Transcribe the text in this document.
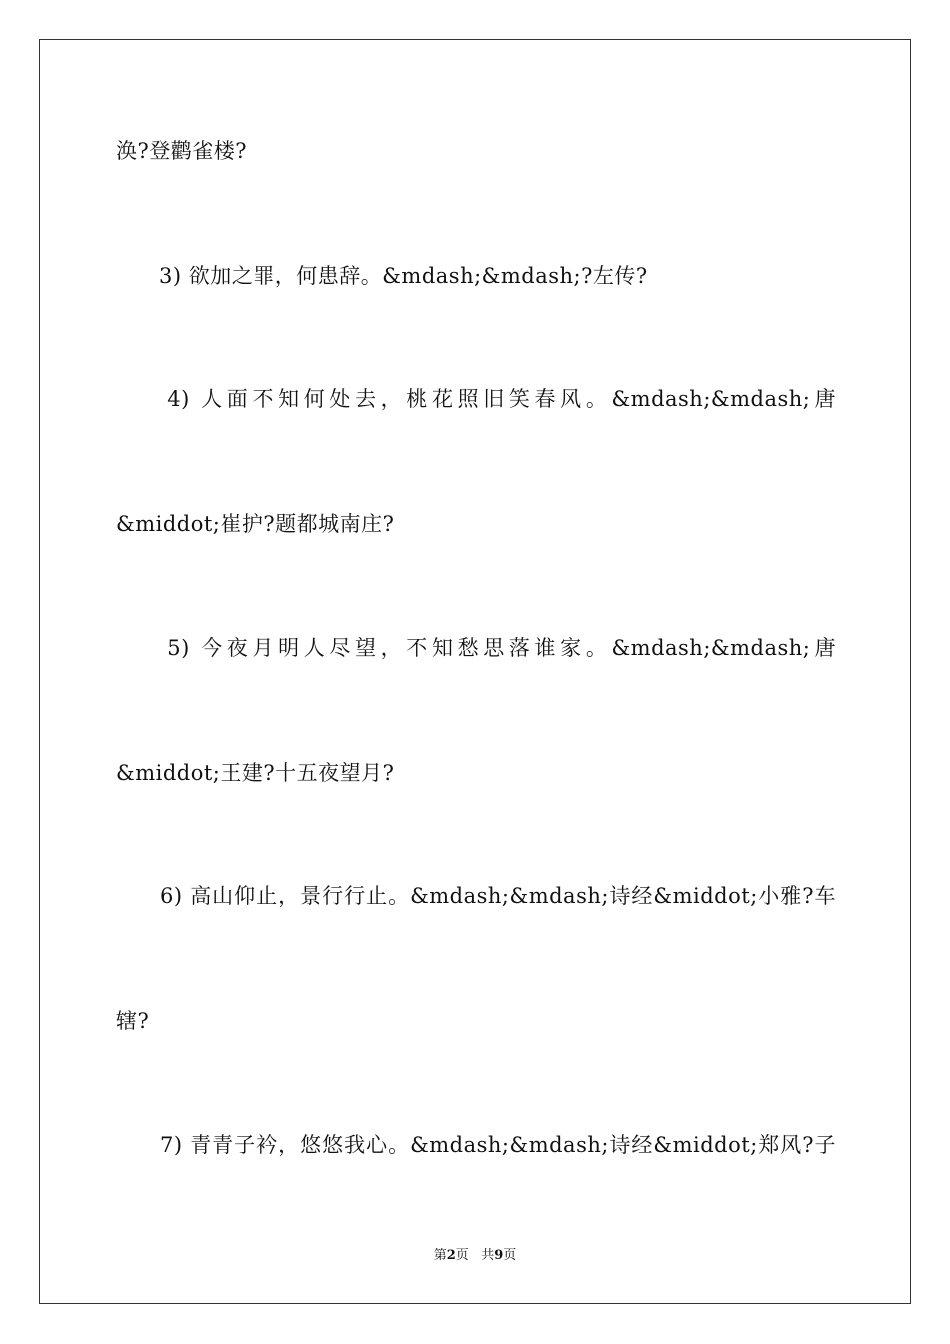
涣?登鹳雀楼?
　　3) 欲加之罪，何患辞。&mdash;&mdash;?左传?
　　4) 人面不知何处去，桃花照旧笑春风。&mdash;&mdash;唐
&middot;崔护?题都城南庄?
　　5) 今夜月明人尽望，不知愁思落谁家。&mdash;&mdash;唐
&middot;王建?十五夜望月?
　　6) 高山仰止，景行行止。&mdash;&mdash;诗经&middot;小雅?车
辖?
　　7) 青青子衿，悠悠我心。&mdash;&mdash;诗经&middot;郑风?子
第2页 共9页
